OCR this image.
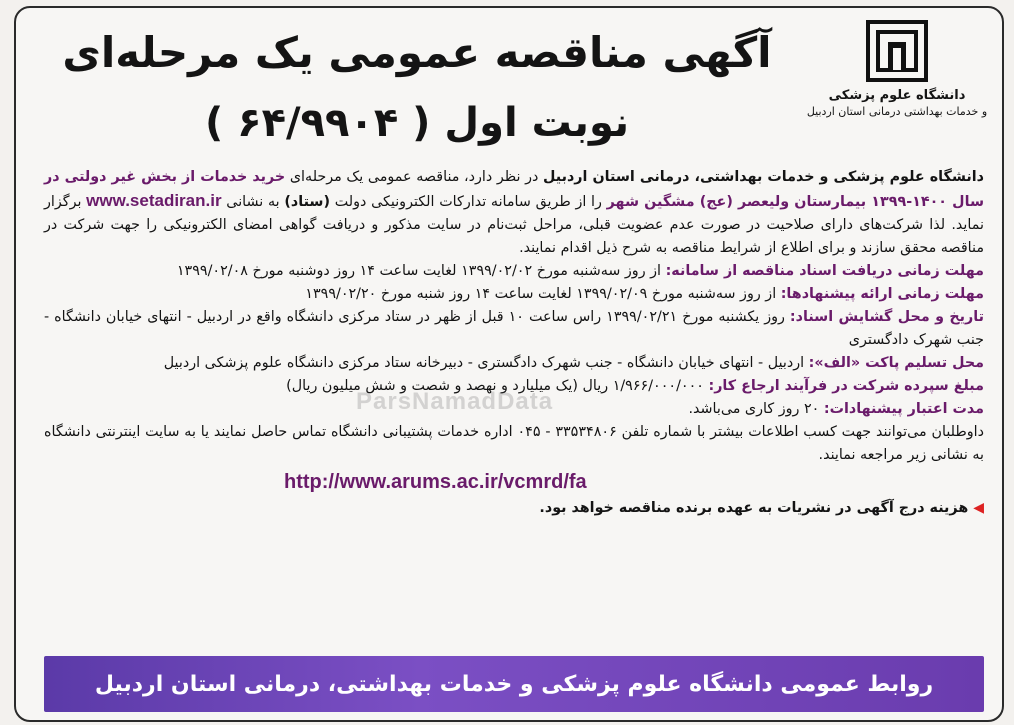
دانشگاه علوم پزشکی
و خدمات بهداشتی درمانی استان اردبیل
آگهی مناقصه عمومی یک مرحله‌ای
نوبت اول ( ۶۴/۹۹۰۴ )

دانشگاه علوم پزشکی و خدمات بهداشتی، درمانی استان اردبیل در نظر دارد، مناقصه عمومی یک مرحله‌ای خرید خدمات از بخش غیر دولتی در سال ۱۴۰۰-۱۳۹۹ بیمارستان ولیعصر (عج) مشگین شهر را از طریق سامانه تدارکات الکترونیکی دولت (ستاد) به نشانی www.setadiran.ir برگزار نماید. لذا شرکت‌های دارای صلاحیت در صورت عدم عضویت قبلی، مراحل ثبت‌نام در سایت مذکور و دریافت گواهی امضای الکترونیکی را جهت شرکت در مناقصه محقق سازند و برای اطلاع از شرایط مناقصه به شرح ذیل اقدام نمایند.

مهلت زمانی دریافت اسناد مناقصه از سامانه: از روز سه‌شنبه مورخ ۱۳۹۹/۰۲/۰۲ لغایت ساعت ۱۴ روز دوشنبه مورخ ۱۳۹۹/۰۲/۰۸

مهلت زمانی ارائه پیشنهادها: از روز سه‌شنبه مورخ ۱۳۹۹/۰۲/۰۹ لغایت ساعت ۱۴ روز شنبه مورخ ۱۳۹۹/۰۲/۲۰

تاریخ و محل گشایش اسناد: روز یکشنبه مورخ ۱۳۹۹/۰۲/۲۱ راس ساعت ۱۰ قبل از ظهر در ستاد مرکزی دانشگاه واقع در اردبیل - انتهای خیابان دانشگاه - جنب شهرک دادگستری

محل تسلیم پاکت «الف»: اردبیل - انتهای خیابان دانشگاه - جنب شهرک دادگستری - دبیرخانه ستاد مرکزی دانشگاه علوم پزشکی اردبیل

مبلغ سپرده شرکت در فرآیند ارجاع کار: ۱/۹۶۶/۰۰۰/۰۰۰ ریال (یک میلیارد و نهصد و شصت و شش میلیون ریال)

مدت اعتبار پیشنهادات: ۲۰ روز کاری می‌باشد.

داوطلبان می‌توانند جهت کسب اطلاعات بیشتر با شماره تلفن ۳۳۵۳۴۸۰۶ - ۰۴۵ اداره خدمات پشتیبانی دانشگاه تماس حاصل نمایند یا به سایت اینترنتی دانشگاه به نشانی زیر مراجعه نمایند.

http://www.arums.ac.ir/vcmrd/fa

◀ هزینه درج آگهی در نشریات به عهده برنده مناقصه خواهد بود.

ParsNamadData
روابط عمومی دانشگاه علوم پزشکی و خدمات بهداشتی، درمانی استان اردبیل
